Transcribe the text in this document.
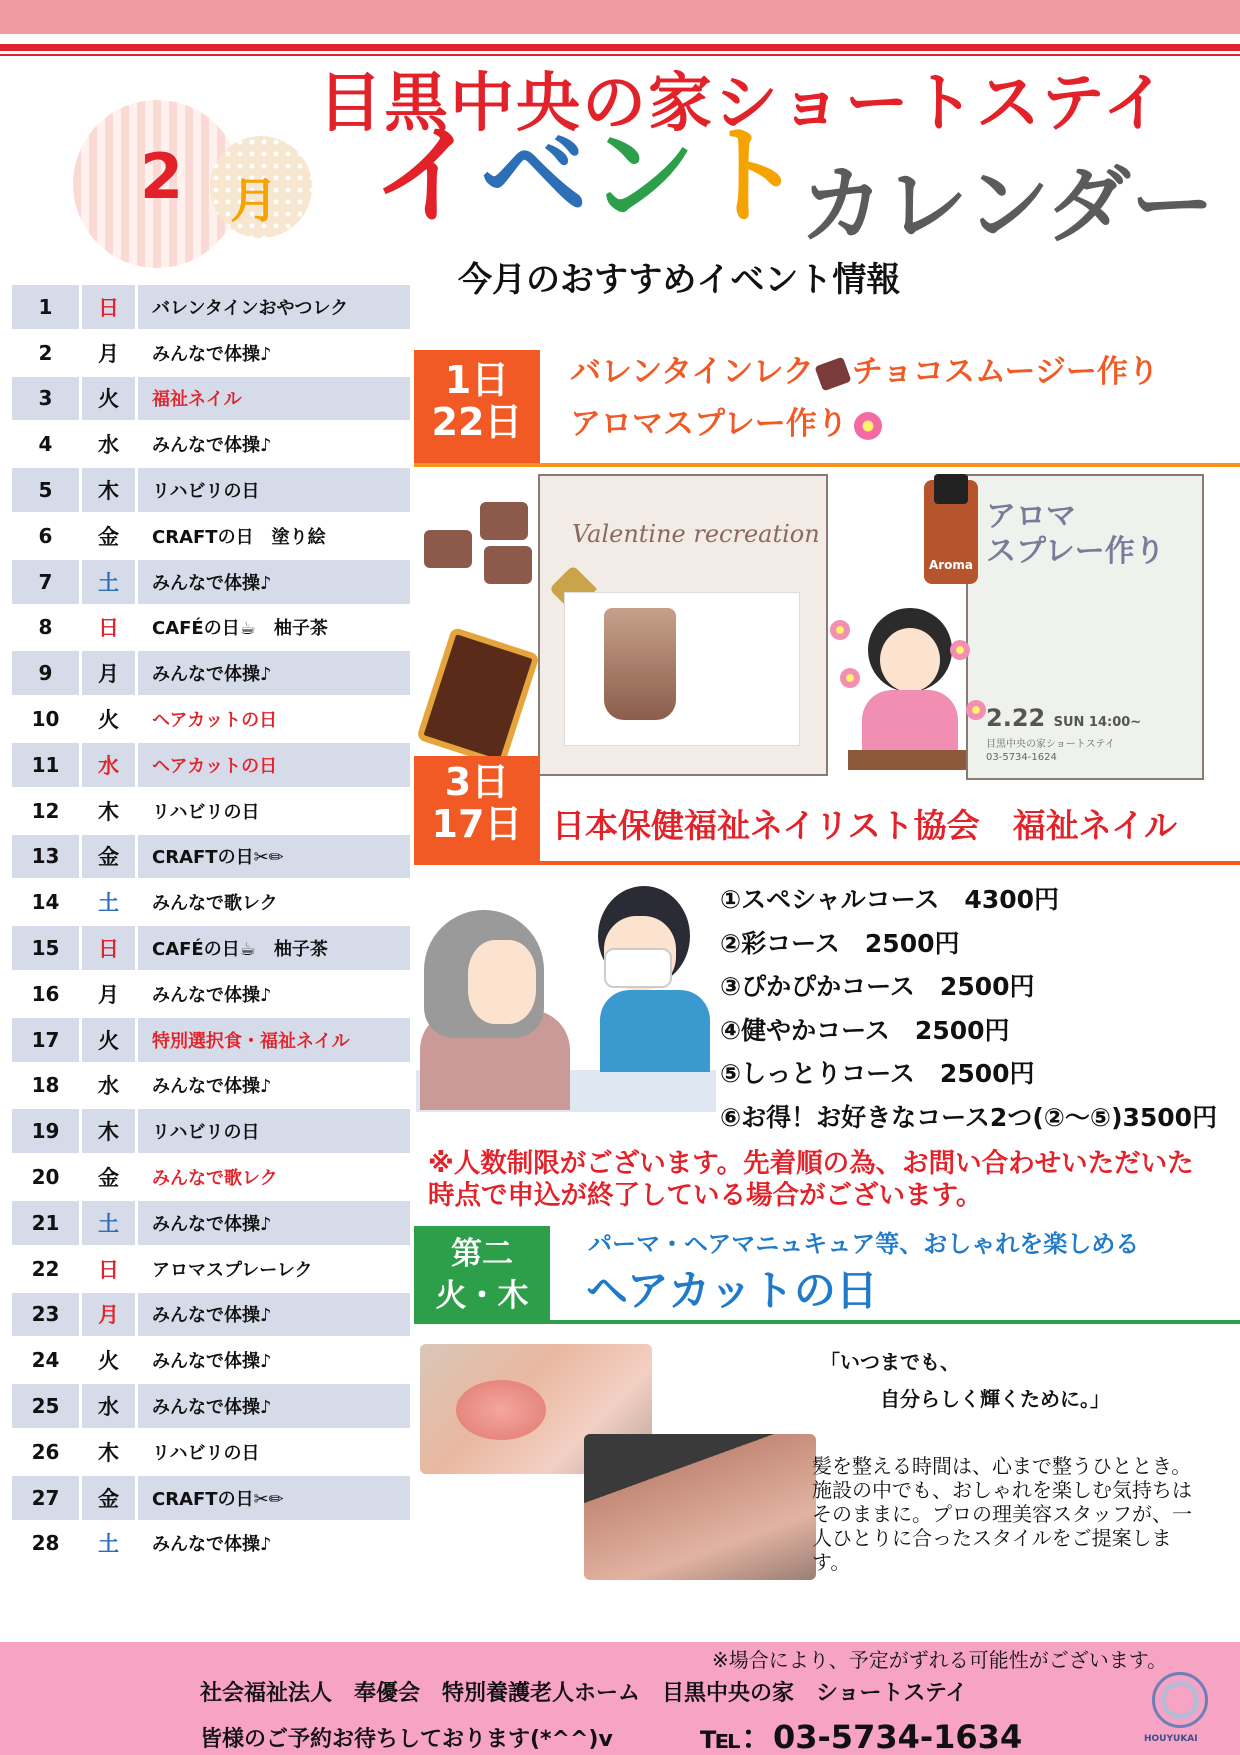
2 月
目黒中央の家ショートステイ
イベント
カレンダー
今月のおすすめイベント情報
1	日	バレンタインおやつレク
2	月	みんなで体操♪
3	火	福祉ネイル
4	水	みんなで体操♪
5	木	リハビリの日
6	金	CRAFTの日　塗り絵
7	土	みんなで体操♪
8	日	CAFÉの日☕　柚子茶
9	月	みんなで体操♪
10	火	ヘアカットの日
11	水	ヘアカットの日
12	木	リハビリの日
13	金	CRAFTの日✂✏
14	土	みんなで歌レク
15	日	CAFÉの日☕　柚子茶
16	月	みんなで体操♪
17	火	特別選択食・福祉ネイル
18	水	みんなで体操♪
19	木	リハビリの日
20	金	みんなで歌レク
21	土	みんなで体操♪
22	日	アロマスプレーレク
23	月	みんなで体操♪
24	火	みんなで体操♪
25	水	みんなで体操♪
26	木	リハビリの日
27	金	CRAFTの日✂✏
28	土	みんなで体操♪
1日
22日
バレンタインレク チョコスムージー作り
アロマスプレー作り
Valentine recreation	アロマ
スプレー作り
2.22 SUN 14:00~
目黒中央の家ショートステイ
03-5734-1624
Aroma
3日
17日 日本保健福祉ネイリスト協会　福祉ネイル
①スペシャルコース　4300円
②彩コース　2500円
③ぴかぴかコース　2500円
④健やかコース　2500円
⑤しっとりコース　2500円
⑥お得！お好きなコース2つ(②～⑤)3500円
※人数制限がございます。先着順の為、お問い合わせいただいた時点で申込が終了している場合がございます。
第二
火・木
パーマ・ヘアマニュキュア等、おしゃれを楽しめる
ヘアカットの日
「いつまでも、
自分らしく輝くために。」
髪を整える時間は、心まで整うひととき。施設の中でも、おしゃれを楽しむ気持ちはそのままに。プロの理美容スタッフが、一人ひとりに合ったスタイルをご提案します。
※場合により、予定がずれる可能性がございます。
社会福祉法人　奉優会　特別養護老人ホーム　目黒中央の家　ショートステイ
皆様のご予約お待ちしております(*^^)v	℡：03-5734-1634	HOUYUKAI
